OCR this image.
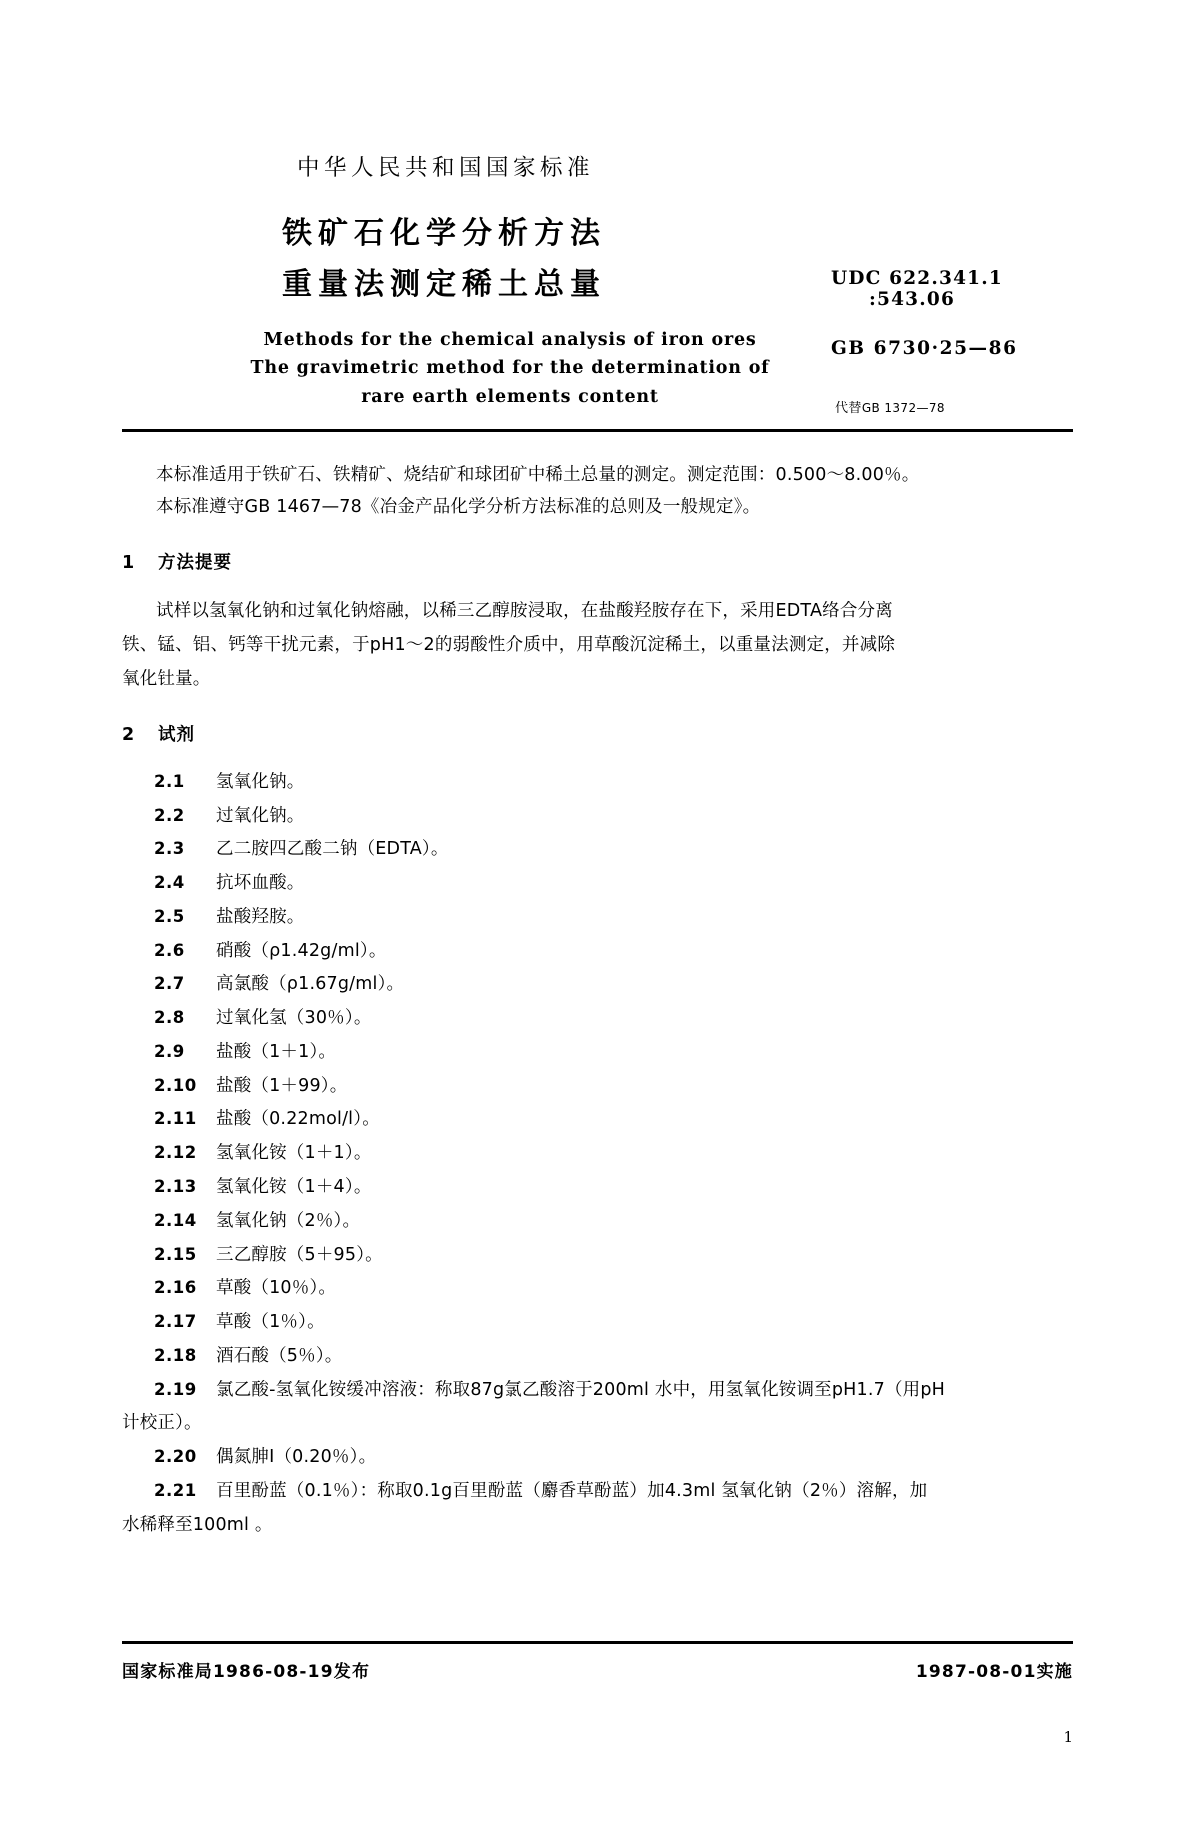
中华人民共和国国家标准
铁矿石化学分析方法
重量法测定稀土总量
Methods for the chemical analysis of iron ores
The gravimetric method for the determination of
rare earth elements content
UDC 622.341.1
:543.06
GB 6730·25—86
代替GB 1372—78
本标准适用于铁矿石、铁精矿、烧结矿和球团矿中稀土总量的测定。测定范围：0.500～8.00％。
本标准遵守GB 1467—78《冶金产品化学分析方法标准的总则及一般规定》。
1 方法提要
试样以氢氧化钠和过氧化钠熔融，以稀三乙醇胺浸取，在盐酸羟胺存在下，采用EDTA络合分离
铁、锰、铝、钙等干扰元素，于pH1～2的弱酸性介质中，用草酸沉淀稀土，以重量法测定，并减除
氧化钍量。
2 试剂
2.1 氢氧化钠。
2.2 过氧化钠。
2.3 乙二胺四乙酸二钠（EDTA）。
2.4 抗坏血酸。
2.5 盐酸羟胺。
2.6 硝酸（ρ1.42g/ml）。
2.7 高氯酸（ρ1.67g/ml）。
2.8 过氧化氢（30％）。
2.9 盐酸（1＋1）。
2.10 盐酸（1＋99）。
2.11 盐酸（0.22mol/l）。
2.12 氢氧化铵（1＋1）。
2.13 氢氧化铵（1＋4）。
2.14 氢氧化钠（2％）。
2.15 三乙醇胺（5＋95）。
2.16 草酸（10％）。
2.17 草酸（1％）。
2.18 酒石酸（5％）。
2.19 氯乙酸-氢氧化铵缓冲溶液：称取87g氯乙酸溶于200ml 水中，用氢氧化铵调至pH1.7（用pH
计校正）。
2.20 偶氮胂Ⅰ（0.20％）。
2.21 百里酚蓝（0.1％）：称取0.1g百里酚蓝（麝香草酚蓝）加4.3ml 氢氧化钠（2％）溶解，加
水稀释至100ml 。
国家标准局1986-08-19发布	1987-08-01实施
1
